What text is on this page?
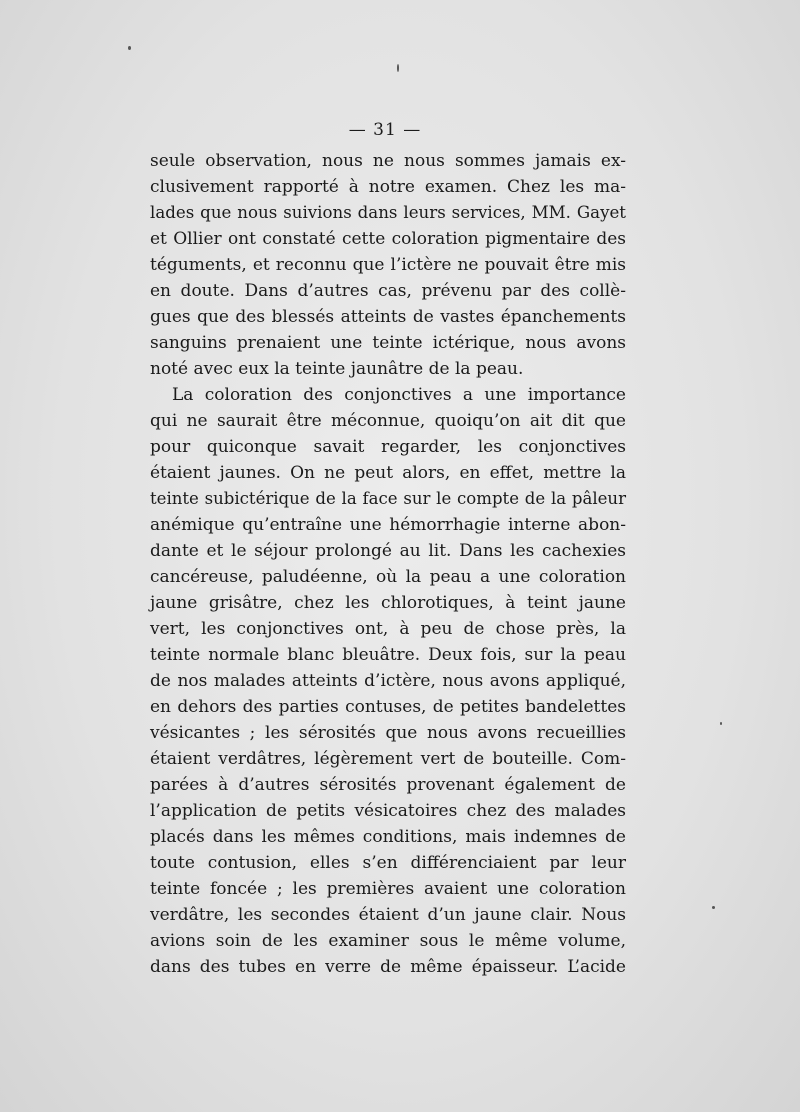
— 31 —
seule observation, nous ne nous sommes jamais ex-
clusivement rapporté à notre examen. Chez les ma-
lades que nous suivions dans leurs services, MM. Gayet
et Ollier ont constaté cette coloration pigmentaire des
téguments, et reconnu que l’ictère ne pouvait être mis
en doute. Dans d’autres cas, prévenu par des collè-
gues que des blessés atteints de vastes épanchements
sanguins prenaient une teinte ictérique, nous avons
noté avec eux la teinte jaunâtre de la peau.
La coloration des conjonctives a une importance
qui ne saurait être méconnue, quoiqu’on ait dit que
pour quiconque savait regarder, les conjonctives
étaient jaunes. On ne peut alors, en effet, mettre la
teinte subictérique de la face sur le compte de la pâleur
anémique qu’entraîne une hémorrhagie interne abon-
dante et le séjour prolongé au lit. Dans les cachexies
cancéreuse, paludéenne, où la peau a une coloration
jaune grisâtre, chez les chlorotiques, à teint jaune
vert, les conjonctives ont, à peu de chose près, la
teinte normale blanc bleuâtre. Deux fois, sur la peau
de nos malades atteints d’ictère, nous avons appliqué,
en dehors des parties contuses, de petites bandelettes
vésicantes ; les sérosités que nous avons recueillies
étaient verdâtres, légèrement vert de bouteille. Com-
parées à d’autres sérosités provenant également de
l’application de petits vésicatoires chez des malades
placés dans les mêmes conditions, mais indemnes de
toute contusion, elles s’en différenciaient par leur
teinte foncée ; les premières avaient une coloration
verdâtre, les secondes étaient d’un jaune clair. Nous
avions soin de les examiner sous le même volume,
dans des tubes en verre de même épaisseur. L’acide
